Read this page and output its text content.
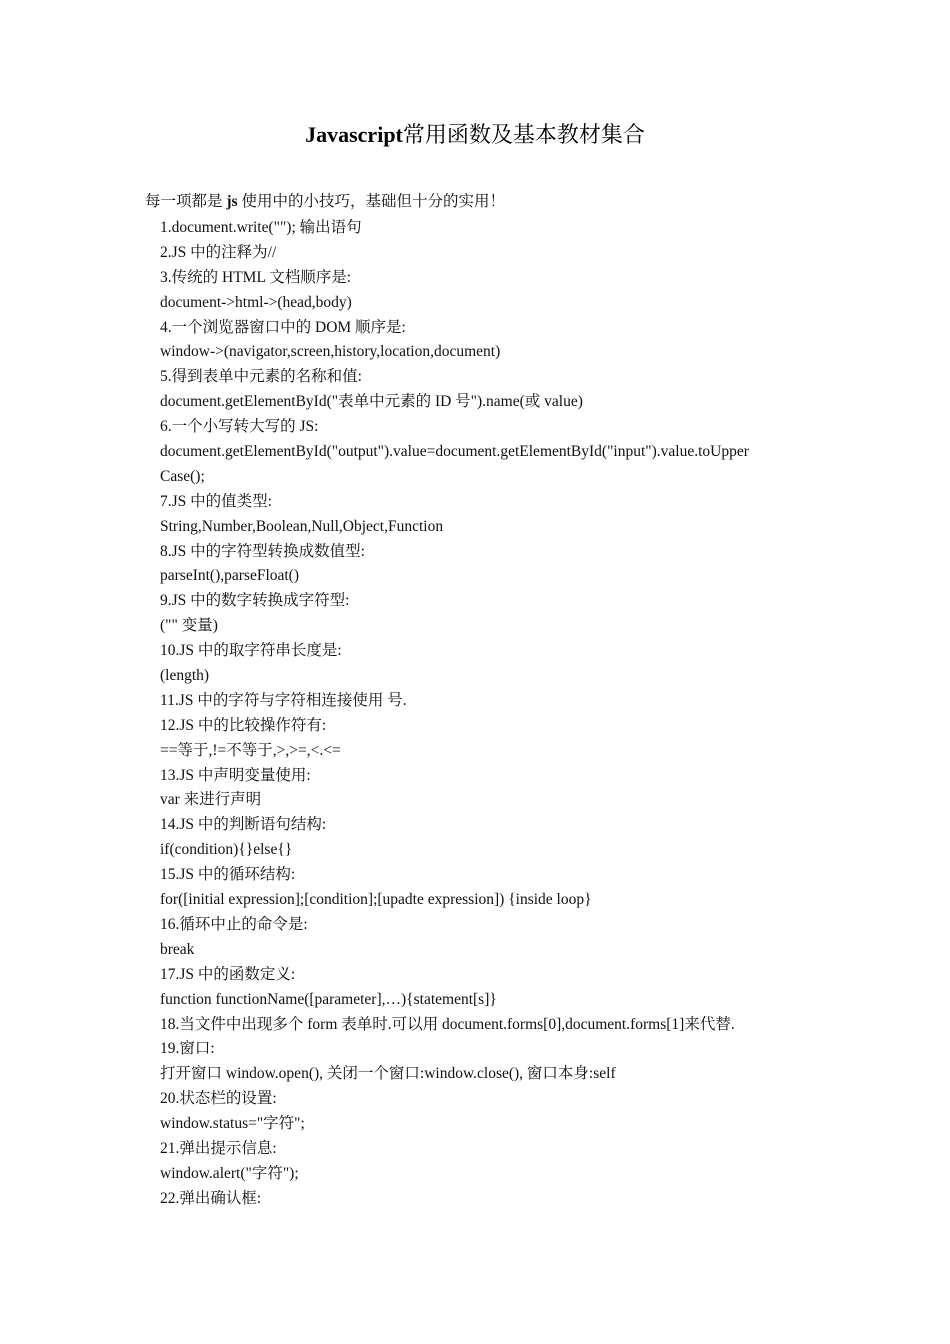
Javascript常用函数及基本教材集合
每一项都是 js 使用中的小技巧，基础但十分的实用！
1.document.write(""); 输出语句
2.JS 中的注释为//
3.传统的 HTML 文档顺序是:
document->html->(head,body)
4.一个浏览器窗口中的 DOM 顺序是:
window->(navigator,screen,history,location,document)
5.得到表单中元素的名称和值:
document.getElementById("表单中元素的 ID 号").name(或 value)
6.一个小写转大写的 JS:
document.getElementById("output").value=document.getElementById("input").value.toUpper
Case();
7.JS 中的值类型:
String,Number,Boolean,Null,Object,Function
8.JS 中的字符型转换成数值型:
parseInt(),parseFloat()
9.JS 中的数字转换成字符型:
("" 变量)
10.JS 中的取字符串长度是:
(length)
11.JS 中的字符与字符相连接使用 号.
12.JS 中的比较操作符有:
==等于,!=不等于,>,>=,<.<=
13.JS 中声明变量使用:
var 来进行声明
14.JS 中的判断语句结构:
if(condition){}else{}
15.JS 中的循环结构:
for([initial expression];[condition];[upadte expression]) {inside loop}
16.循环中止的命令是:
break
17.JS 中的函数定义:
function functionName([parameter],…){statement[s]}
18.当文件中出现多个 form 表单时.可以用 document.forms[0],document.forms[1]来代替.
19.窗口:
打开窗口 window.open(), 关闭一个窗口:window.close(), 窗口本身:self
20.状态栏的设置:
window.status="字符";
21.弹出提示信息:
window.alert("字符");
22.弹出确认框:
